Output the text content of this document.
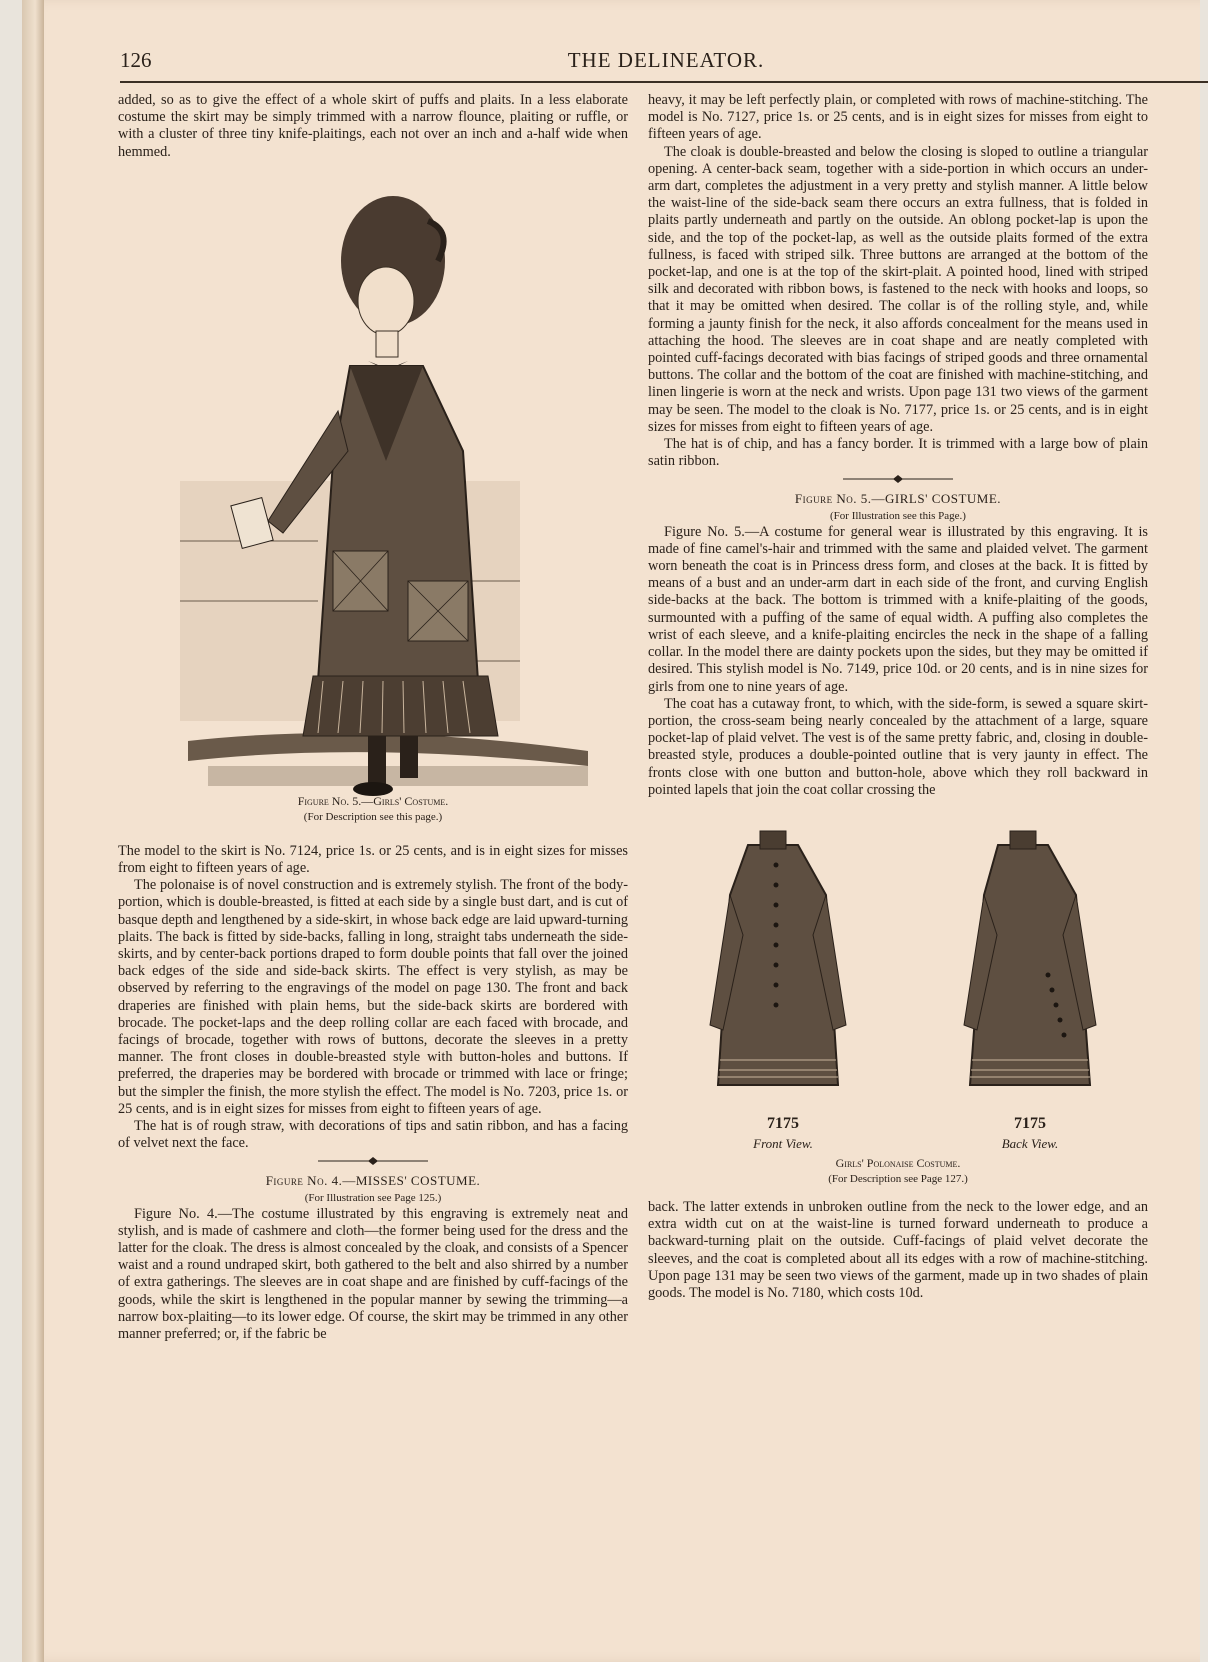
126	THE DELINEATOR.

added, so as to give the effect of a whole skirt of puffs and plaits. In a less elaborate costume the skirt may be simply trimmed with a narrow flounce, plaiting or ruffle, or with a cluster of three tiny knife-plaitings, each not over an inch and a-half wide when hemmed.

Figure No. 5.—Girls' Costume.
(For Description see this page.)

The model to the skirt is No. 7124, price 1s. or 25 cents, and is in eight sizes for misses from eight to fifteen years of age.

The polonaise is of novel construction and is extremely stylish. The front of the body-portion, which is double-breasted, is fitted at each side by a single bust dart, and is cut of basque depth and lengthened by a side-skirt, in whose back edge are laid upward-turning plaits. The back is fitted by side-backs, falling in long, straight tabs underneath the side-skirts, and by center-back portions draped to form double points that fall over the joined back edges of the side and side-back skirts. The effect is very stylish, as may be observed by referring to the engravings of the model on page 130. The front and back draperies are finished with plain hems, but the side-back skirts are bordered with brocade. The pocket-laps and the deep rolling collar are each faced with brocade, and facings of brocade, together with rows of buttons, decorate the sleeves in a pretty manner. The front closes in double-breasted style with button-holes and buttons. If preferred, the draperies may be bordered with brocade or trimmed with lace or fringe; but the simpler the finish, the more stylish the effect. The model is No. 7203, price 1s. or 25 cents, and is in eight sizes for misses from eight to fifteen years of age.

The hat is of rough straw, with decorations of tips and satin ribbon, and has a facing of velvet next the face.

Figure No. 4.—MISSES' COSTUME.
(For Illustration see Page 125.)

Figure No. 4.—The costume illustrated by this engraving is extremely neat and stylish, and is made of cashmere and cloth—the former being used for the dress and the latter for the cloak. The dress is almost concealed by the cloak, and consists of a Spencer waist and a round undraped skirt, both gathered to the belt and also shirred by a number of extra gatherings. The sleeves are in coat shape and are finished by cuff-facings of the goods, while the skirt is lengthened in the popular manner by sewing the trimming—a narrow box-plaiting—to its lower edge. Of course, the skirt may be trimmed in any other manner preferred; or, if the fabric be

heavy, it may be left perfectly plain, or completed with rows of machine-stitching. The model is No. 7127, price 1s. or 25 cents, and is in eight sizes for misses from eight to fifteen years of age.

The cloak is double-breasted and below the closing is sloped to outline a triangular opening. A center-back seam, together with a side-portion in which occurs an under-arm dart, completes the adjustment in a very pretty and stylish manner. A little below the waist-line of the side-back seam there occurs an extra fullness, that is folded in plaits partly underneath and partly on the outside. An oblong pocket-lap is upon the side, and the top of the pocket-lap, as well as the outside plaits formed of the extra fullness, is faced with striped silk. Three buttons are arranged at the bottom of the pocket-lap, and one is at the top of the skirt-plait. A pointed hood, lined with striped silk and decorated with ribbon bows, is fastened to the neck with hooks and loops, so that it may be omitted when desired. The collar is of the rolling style, and, while forming a jaunty finish for the neck, it also affords concealment for the means used in attaching the hood. The sleeves are in coat shape and are neatly completed with pointed cuff-facings decorated with bias facings of striped goods and three ornamental buttons. The collar and the bottom of the coat are finished with machine-stitching, and linen lingerie is worn at the neck and wrists. Upon page 131 two views of the garment may be seen. The model to the cloak is No. 7177, price 1s. or 25 cents, and is in eight sizes for misses from eight to fifteen years of age.

The hat is of chip, and has a fancy border. It is trimmed with a large bow of plain satin ribbon.

Figure No. 5.—GIRLS' COSTUME.
(For Illustration see this Page.)

Figure No. 5.—A costume for general wear is illustrated by this engraving. It is made of fine camel's-hair and trimmed with the same and plaided velvet. The garment worn beneath the coat is in Princess dress form, and closes at the back. It is fitted by means of a bust and an under-arm dart in each side of the front, and curving English side-backs at the back. The bottom is trimmed with a knife-plaiting of the goods, surmounted with a puffing of the same of equal width. A puffing also completes the wrist of each sleeve, and a knife-plaiting encircles the neck in the shape of a falling collar. In the model there are dainty pockets upon the sides, but they may be omitted if desired. This stylish model is No. 7149, price 10d. or 20 cents, and is in nine sizes for girls from one to nine years of age.

The coat has a cutaway front, to which, with the side-form, is sewed a square skirt-portion, the cross-seam being nearly concealed by the attachment of a large, square pocket-lap of plaid velvet. The vest is of the same pretty fabric, and, closing in double-breasted style, produces a double-pointed outline that is very jaunty in effect. The fronts close with one button and button-hole, above which they roll backward in pointed lapels that join the coat collar crossing the

7175
Front View.
7175
Back View.
Girls' Polonaise Costume.
(For Description see Page 127.)

back. The latter extends in unbroken outline from the neck to the lower edge, and an extra width cut on at the waist-line is turned forward underneath to produce a backward-turning plait on the outside. Cuff-facings of plaid velvet decorate the sleeves, and the coat is completed about all its edges with a row of machine-stitching. Upon page 131 may be seen two views of the garment, made up in two shades of plain goods. The model is No. 7180, which costs 10d.
